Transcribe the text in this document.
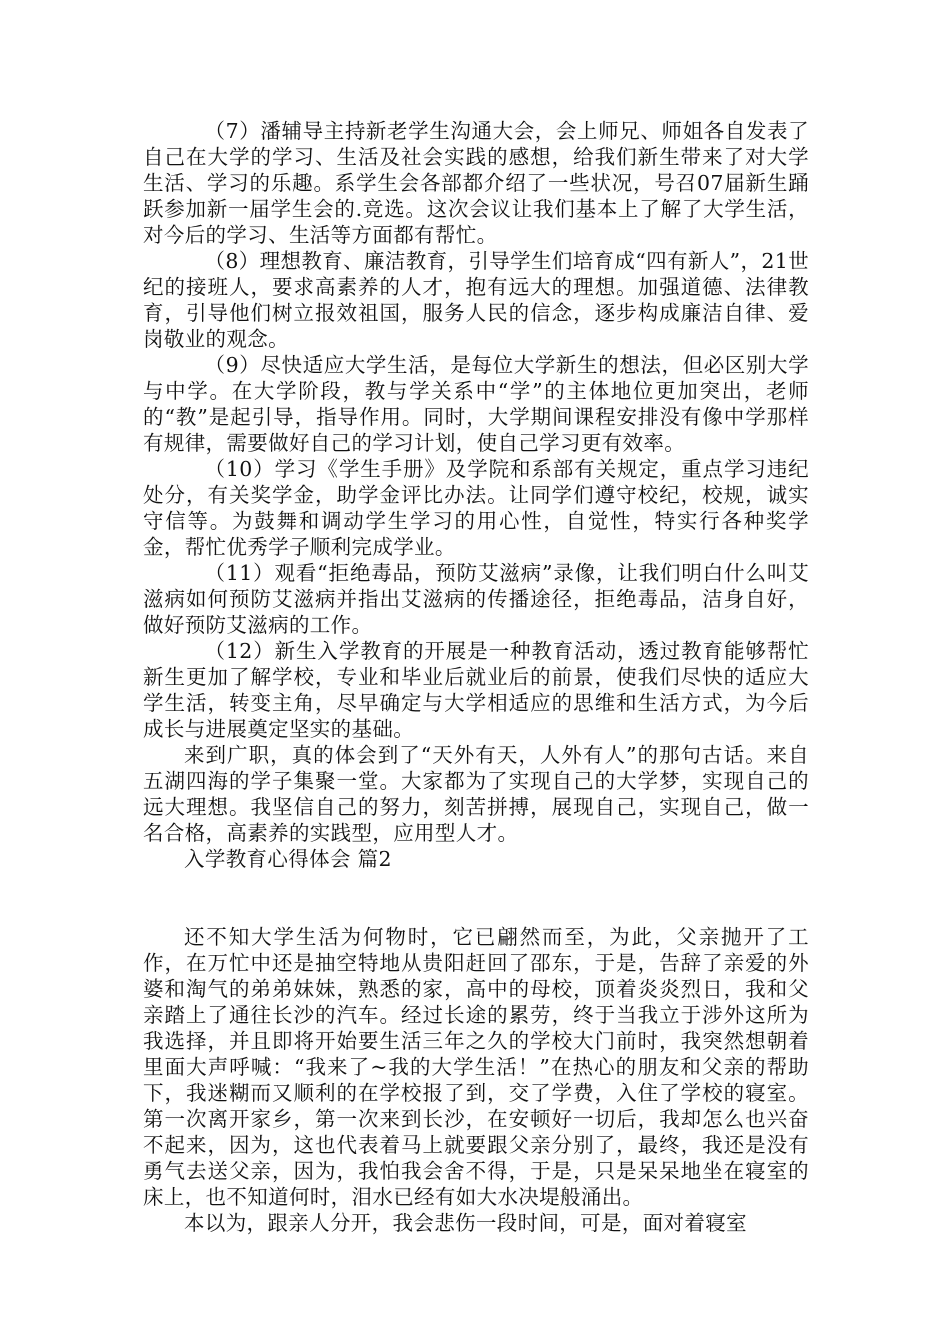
（7）潘辅导主持新老学生沟通大会，会上师兄、师姐各自发表了自己在大学的学习、生活及社会实践的感想，给我们新生带来了对大学生活、学习的乐趣。系学生会各部都介绍了一些状况，号召07届新生踊跃参加新一届学生会的.竞选。这次会议让我们基本上了解了大学生活，对今后的学习、生活等方面都有帮忙。

（8）理想教育、廉洁教育，引导学生们培育成“四有新人”，21世纪的接班人，要求高素养的人才，抱有远大的理想。加强道德、法律教育，引导他们树立报效祖国，服务人民的信念，逐步构成廉洁自律、爱岗敬业的观念。

（9）尽快适应大学生活，是每位大学新生的想法，但必区别大学与中学。在大学阶段，教与学关系中“学”的主体地位更加突出，老师的“教”是起引导，指导作用。同时，大学期间课程安排没有像中学那样有规律，需要做好自己的学习计划，使自己学习更有效率。

（10）学习《学生手册》及学院和系部有关规定，重点学习违纪处分，有关奖学金，助学金评比办法。让同学们遵守校纪，校规，诚实守信等。为鼓舞和调动学生学习的用心性，自觉性，特实行各种奖学金，帮忙优秀学子顺利完成学业。

（11）观看“拒绝毒品，预防艾滋病”录像，让我们明白什么叫艾滋病如何预防艾滋病并指出艾滋病的传播途径，拒绝毒品，洁身自好，做好预防艾滋病的工作。

（12）新生入学教育的开展是一种教育活动，透过教育能够帮忙新生更加了解学校，专业和毕业后就业后的前景，使我们尽快的适应大学生活，转变主角，尽早确定与大学相适应的思维和生活方式，为今后成长与进展奠定坚实的基础。

来到广职，真的体会到了“天外有天，人外有人”的那句古话。来自五湖四海的学子集聚一堂。大家都为了实现自己的大学梦，实现自己的远大理想。我坚信自己的努力，刻苦拼搏，展现自己，实现自己，做一名合格，高素养的实践型，应用型人才。

入学教育心得体会 篇2

还不知大学生活为何物时，它已翩然而至，为此，父亲抛开了工作，在万忙中还是抽空特地从贵阳赶回了邵东，于是，告辞了亲爱的外婆和淘气的弟弟妹妹，熟悉的家，高中的母校，顶着炎炎烈日，我和父亲踏上了通往长沙的汽车。经过长途的累劳，终于当我立于涉外这所为我选择，并且即将开始要生活三年之久的学校大门前时，我突然想朝着里面大声呼喊：“我来了~我的大学生活！”在热心的朋友和父亲的帮助下，我迷糊而又顺利的在学校报了到，交了学费，入住了学校的寝室。第一次离开家乡，第一次来到长沙，在安顿好一切后，我却怎么也兴奋不起来，因为，这也代表着马上就要跟父亲分别了，最终，我还是没有勇气去送父亲，因为，我怕我会舍不得，于是，只是呆呆地坐在寝室的床上，也不知道何时，泪水已经有如大水决堤般涌出。

本以为，跟亲人分开，我会悲伤一段时间，可是，面对着寝室
